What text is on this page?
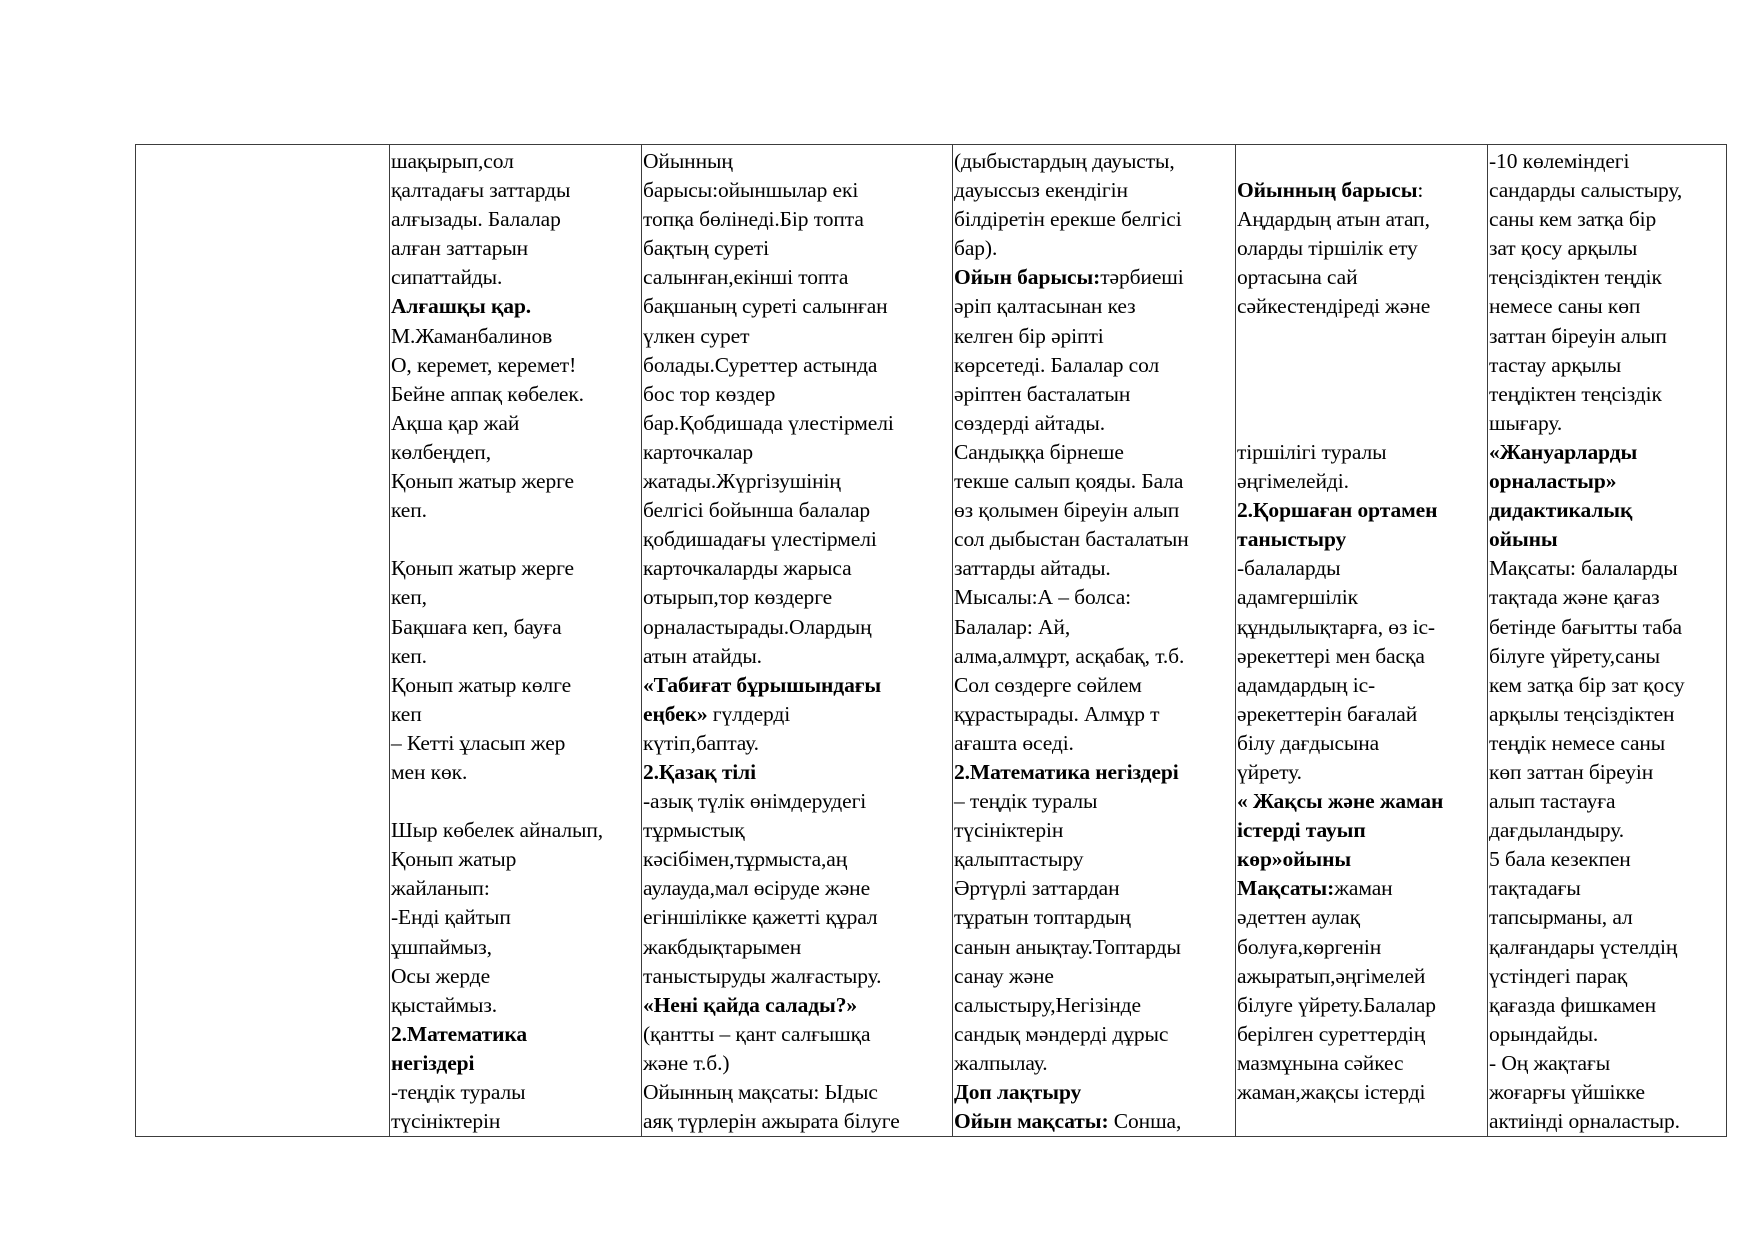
шақырып,сол
қалтадағы заттарды
алғызады. Балалар
алған заттарын
сипаттайды.
Алғашқы қар.
М.Жаманбалинов
О, керемет, керемет!
Бейне аппақ көбелек.
Ақша қар жай
көлбеңдеп,
Қонып жатыр жерге
кеп.
Қонып жатыр жерге
кеп,
Бақшаға кеп, бауға
кеп.
Қонып жатыр көлге
кеп
– Кетті ұласып жер
мен көк.
Шыр көбелек айналып,
Қонып жатыр
жайланып:
-Енді қайтып
ұшпаймыз,
Осы жерде
қыстаймыз.
2.Математика
негіздері
-теңдік туралы
түсініктерін

Ойынның
барысы:ойыншылар екі
топқа бөлінеді.Бір топта
бақтың суреті
салынған,екінші топта
бақшаның суреті салынған
үлкен сурет
болады.Суреттер астында
бос тор көздер
бар.Қобдишада үлестірмелі
карточкалар
жатады.Жүргізушінің
белгісі бойынша балалар
қобдишадағы үлестірмелі
карточкаларды жарыса
отырып,тор көздерге
орналастырады.Олардың
атын атайды.
«Табиғат бұрышындағы
еңбек» гүлдерді
күтіп,баптау.
2.Қазақ тілі
-азық түлік өнімдерудегі
тұрмыстық
кәсібімен,тұрмыста,аң
аулауда,мал өсіруде және
егіншілікке қажетті құрал
жакбдықтарымен
таныстыруды жалғастыру.
«Нені қайда салады?»
(қантты – қант салғышқа
және т.б.)
Ойынның мақсаты: Ыдыс
аяқ түрлерін ажырата білуге

(дыбыстардың дауысты,
дауыссыз екендігін
білдіретін ерекше белгісі
бар).
Ойын барысы:тәрбиеші
әріп қалтасынан кез
келген бір әріпті
көрсетеді. Балалар сол
әріптен басталатын
сөздерді айтады.
Сандыққа бірнеше
текше салып қояды. Бала
өз қолымен біреуін алып
сол дыбыстан басталатын
заттарды айтады.
Мысалы:А – болса:
Балалар: Ай,
алма,алмұрт, асқабақ, т.б.
Сол сөздерге сөйлем
құрастырады. Алмұр т
ағашта өседі.
2.Математика негіздері
– теңдік туралы
түсініктерін
қалыптастыру
Әртүрлі заттардан
тұратын топтардың
санын анықтау.Топтарды
санау және
салыстыру,Негізінде
сандық мәндерді дұрыс
жалпылау.
Доп лақтыру
Ойын мақсаты: Сонша,

Ойынның барысы:
Аңдардың атын атап,
оларды тіршілік ету
ортасына сай
сәйкестендіреді және
тіршілігі туралы
әңгімелейді.
2.Қоршаған ортамен
таныстыру
-балаларды
адамгершілік
құндылықтарға, өз іс-
әрекеттері мен басқа
адамдардың іс-
әрекеттерін бағалай
білу дағдысына
үйрету.
« Жақсы және жаман
істерді тауып
көр»ойыны
Мақсаты:жаман
әдеттен аулақ
болуға,көргенін
ажыратып,әңгімелей
білуге үйрету.Балалар
берілген суреттердің
мазмұнына сәйкес
жаман,жақсы істерді

-10 көлеміндегі
сандарды салыстыру,
саны кем затқа бір
зат қосу арқылы
теңсіздіктен теңдік
немесе саны көп
заттан біреуін алып
тастау арқылы
теңдіктен теңсіздік
шығару.
«Жануарларды
орналастыр»
дидактикалық
ойыны
Мақсаты: балаларды
тақтада және қағаз
бетінде бағытты таба
білуге үйрету,саны
кем затқа бір зат қосу
арқылы теңсіздіктен
теңдік немесе саны
көп заттан біреуін
алып тастауға
дағдыландыру.
5 бала кезекпен
тақтадағы
тапсырманы, ал
қалғандары үстелдің
үстіндегі парақ
қағазда фишкамен
орындайды.
- Оң жақтағы
жоғарғы үйшікке
актиінді орналастыр.
